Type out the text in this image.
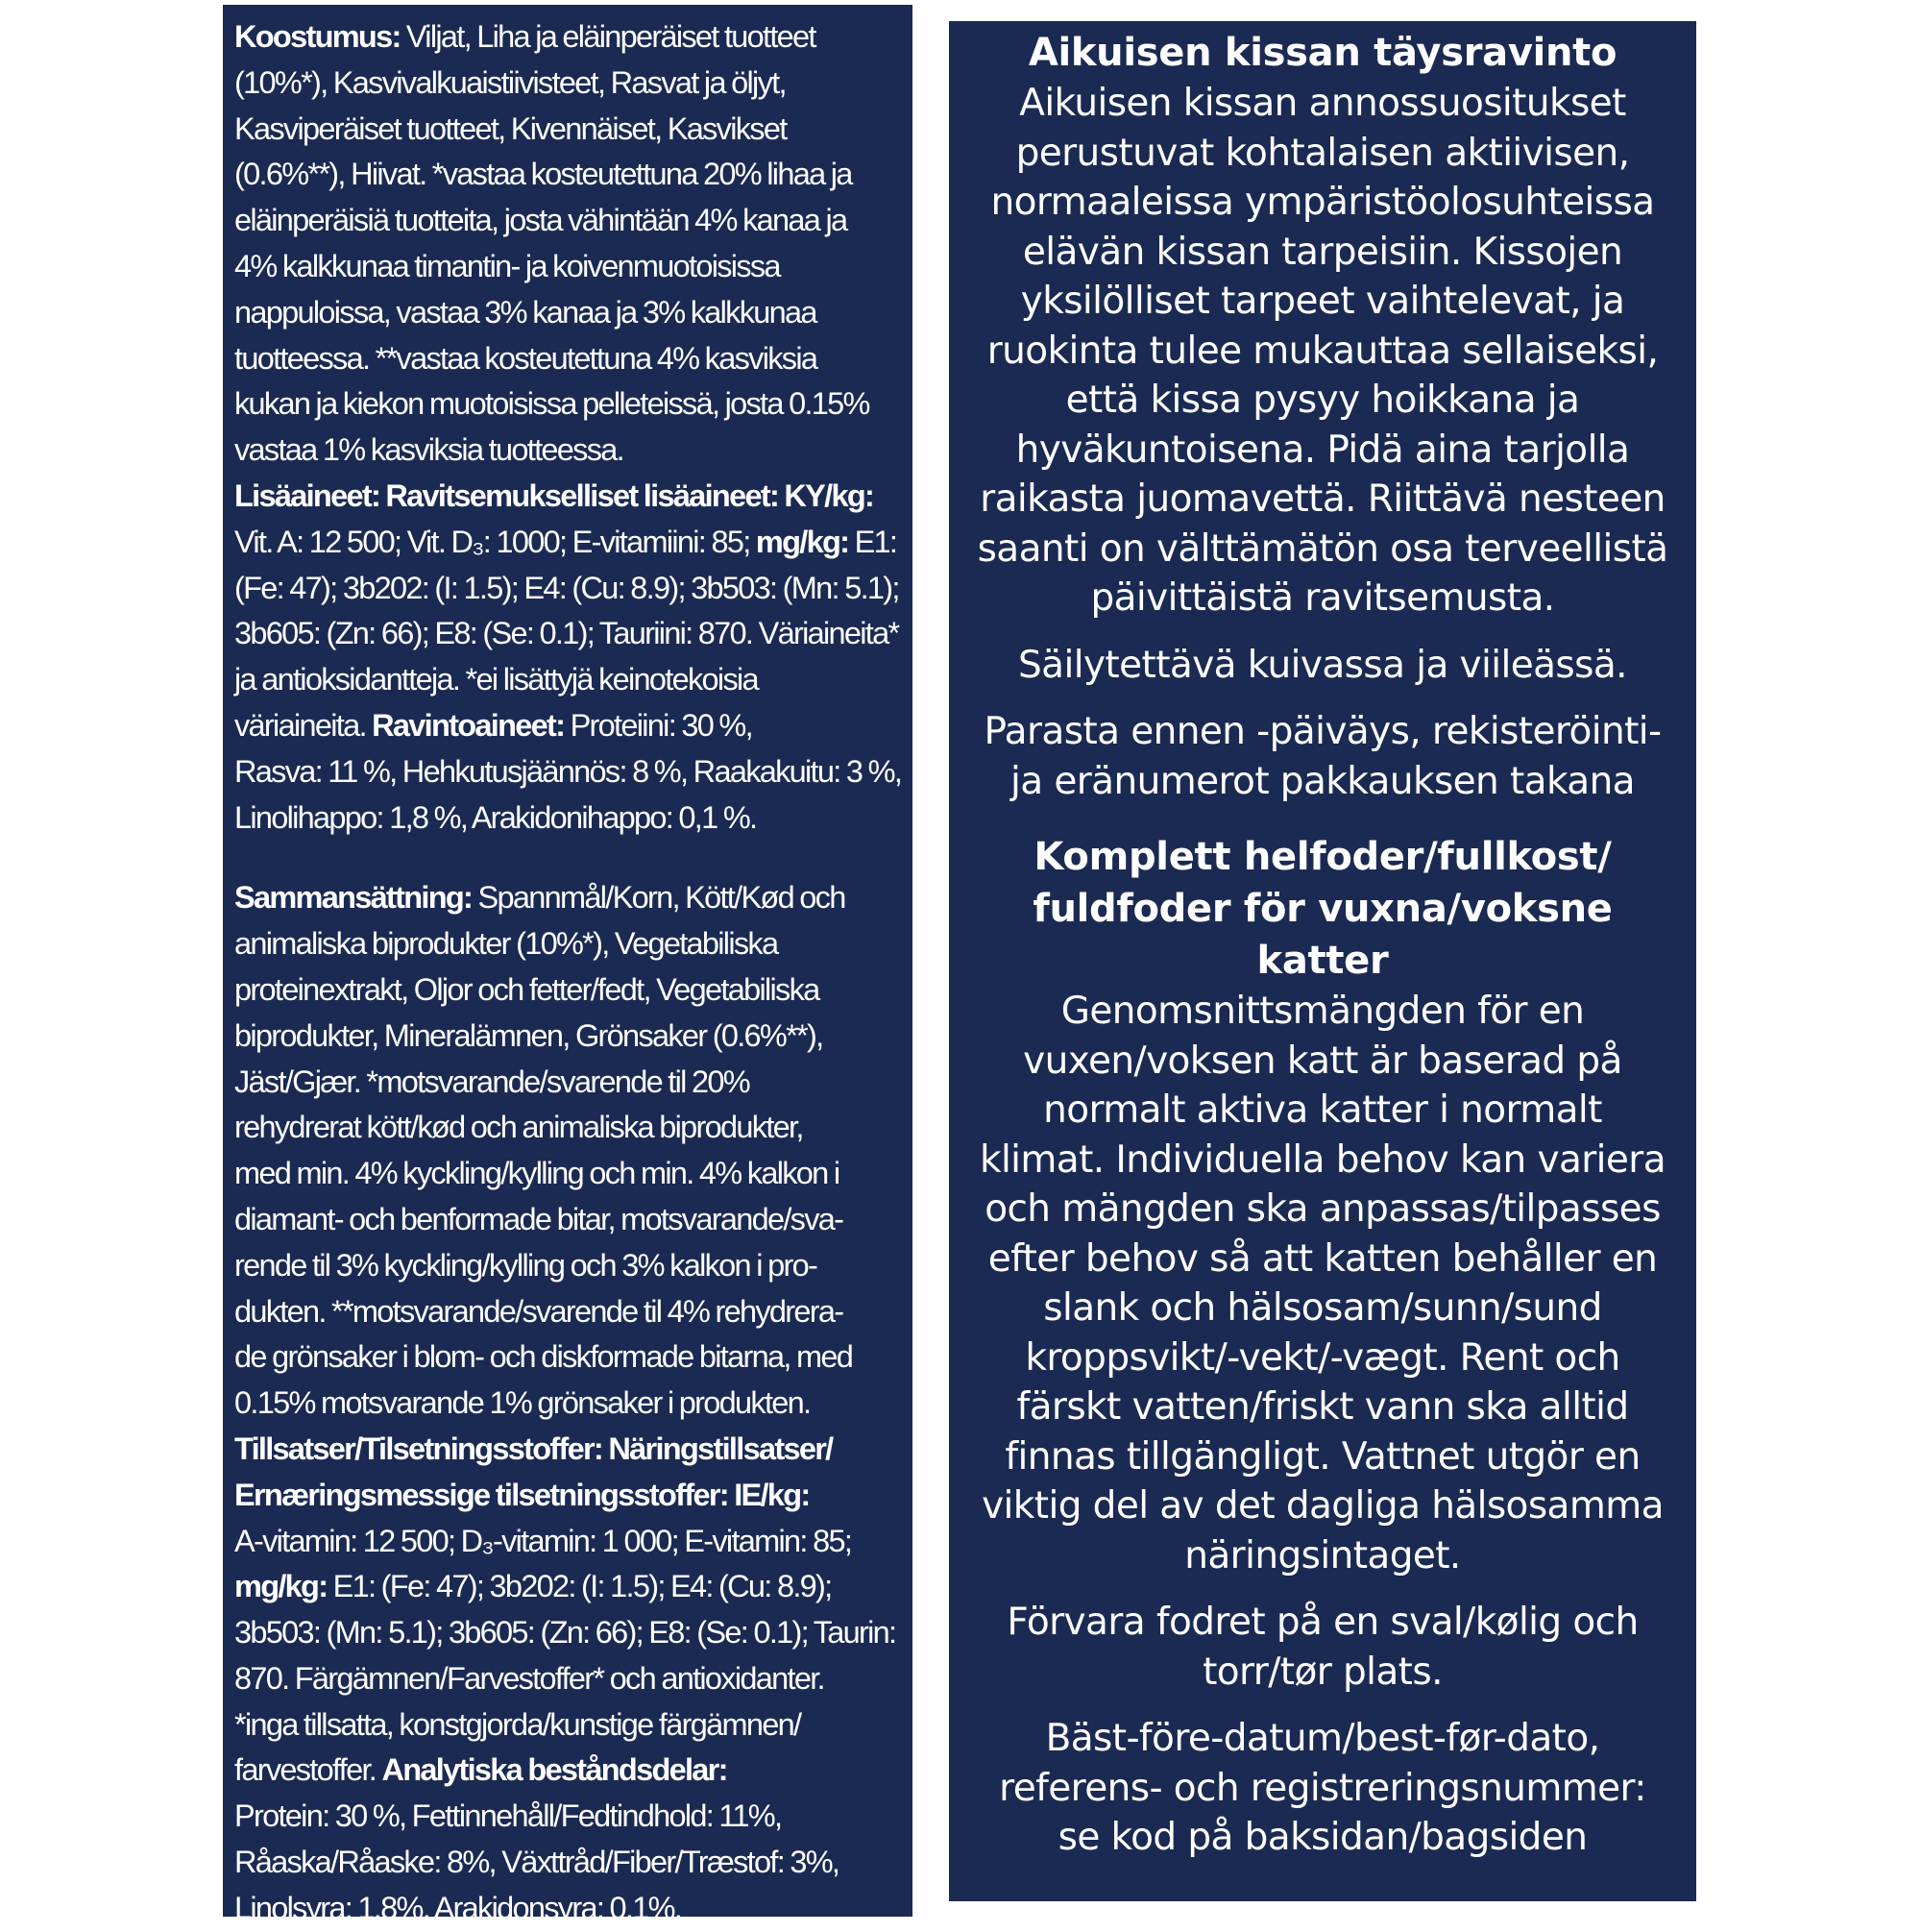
Koostumus: Viljat, Liha ja eläinperäiset tuotteet

(10%*), Kasvivalkuaistiivisteet, Rasvat ja öljyt,

Kasviperäiset tuotteet, Kivennäiset, Kasvikset

(0.6%**), Hiivat. *vastaa kosteutettuna 20% lihaa ja

eläinperäisiä tuotteita, josta vähintään 4% kanaa ja

4% kalkkunaa timantin- ja koivenmuotoisissa

nappuloissa, vastaa 3% kanaa ja 3% kalkkunaa

tuotteessa. **vastaa kosteutettuna 4% kasviksia

kukan ja kiekon muotoisissa pelleteissä, josta 0.15%

vastaa 1% kasviksia tuotteessa.

Lisäaineet: Ravitsemukselliset lisäaineet: KY/kg:

Vit. A: 12 500; Vit. D₃: 1000; E-vitamiini: 85; mg/kg: E1:

(Fe: 47); 3b202: (I: 1.5); E4: (Cu: 8.9); 3b503: (Mn: 5.1);

3b605: (Zn: 66); E8: (Se: 0.1); Tauriini: 870. Väriaineita*

ja antioksidantteja. *ei lisättyjä keinotekoisia

väriaineita. Ravintoaineet: Proteiini: 30 %,

Rasva: 11 %, Hehkutusjäännös: 8 %, Raakakuitu: 3 %,

Linolihappo: 1,8 %, Arakidonihappo: 0,1 %.

Sammansättning: Spannmål/Korn, Kött/Kød och

animaliska biprodukter (10%*), Vegetabiliska

proteinextrakt, Oljor och fetter/fedt, Vegetabiliska

biprodukter, Mineralämnen, Grönsaker (0.6%**),

Jäst/Gjær. *motsvarande/svarende til 20%

rehydrerat kött/kød och animaliska biprodukter,

med min. 4% kyckling/kylling och min. 4% kalkon i

diamant- och benformade bitar, motsvarande/sva-

rende til 3% kyckling/kylling och 3% kalkon i pro-

dukten. **motsvarande/svarende til 4% rehydrera-

de grönsaker i blom- och diskformade bitarna, med

0.15% motsvarande 1% grönsaker i produkten.

Tillsatser/Tilsetningsstoffer: Näringstillsatser/

Ernæringsmessige tilsetningsstoffer: IE/kg:

A-vitamin: 12 500; D₃-vitamin: 1 000; E-vitamin: 85;

mg/kg: E1: (Fe: 47); 3b202: (I: 1.5); E4: (Cu: 8.9);

3b503: (Mn: 5.1); 3b605: (Zn: 66); E8: (Se: 0.1); Taurin:

870. Färgämnen/Farvestoffer* och antioxidanter.

*inga tillsatta, konstgjorda/kunstige färgämnen/

farvestoffer. Analytiska beståndsdelar:

Protein: 30 %, Fettinnehåll/Fedtindhold: 11%,

Råaska/Råaske: 8%, Växttråd/Fiber/Træstof: 3%,

Linolsyra: 1.8%, Arakidonsyra: 0.1%.

Aikuisen kissan täysravinto

Aikuisen kissan annossuositukset

perustuvat kohtalaisen aktiivisen,

normaaleissa ympäristöolosuhteissa

elävän kissan tarpeisiin. Kissojen

yksilölliset tarpeet vaihtelevat, ja

ruokinta tulee mukauttaa sellaiseksi,

että kissa pysyy hoikkana ja

hyväkuntoisena. Pidä aina tarjolla

raikasta juomavettä. Riittävä nesteen

saanti on välttämätön osa terveellistä

päivittäistä ravitsemusta.

Säilytettävä kuivassa ja viileässä.

Parasta ennen -päiväys, rekisteröinti-

ja eränumerot pakkauksen takana

Komplett helfoder/fullkost/

fuldfoder för vuxna/voksne

katter

Genomsnittsmängden för en

vuxen/voksen katt är baserad på

normalt aktiva katter i normalt

klimat. Individuella behov kan variera

och mängden ska anpassas/tilpasses

efter behov så att katten behåller en

slank och hälsosam/sunn/sund

kroppsvikt/-vekt/-vægt. Rent och

färskt vatten/friskt vann ska alltid

finnas tillgängligt. Vattnet utgör en

viktig del av det dagliga hälsosamma

näringsintaget.

Förvara fodret på en sval/kølig och

torr/tør plats.

Bäst-före-datum/best-før-dato,

referens- och registreringsnummer:

se kod på baksidan/bagsiden
